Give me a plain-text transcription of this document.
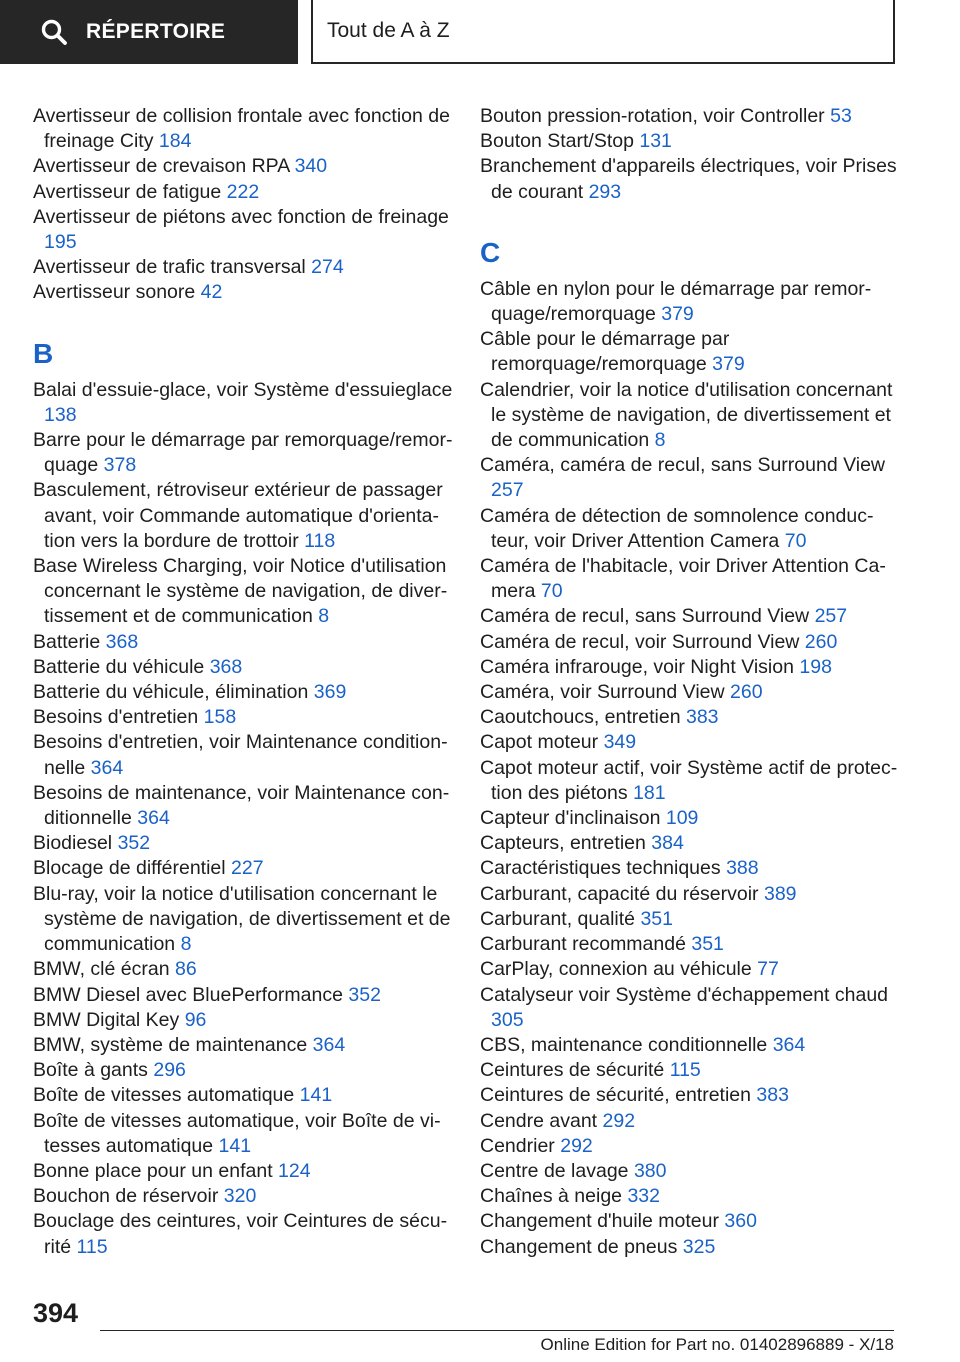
RÉPERTOIRE	Tout de A à Z
Avertisseur de collision frontale avec fonction de freinage City 184
Avertisseur de crevaison RPA 340
Avertisseur de fatigue 222
Avertisseur de piétons avec fonction de freinage 195
Avertisseur de trafic transversal 274
Avertisseur sonore 42
B
Balai d'essuie-glace, voir Système d'essuieglace 138
Barre pour le démarrage par remorquage/remorquage 378
Basculement, rétroviseur extérieur de passager avant, voir Commande automatique d'orientation vers la bordure de trottoir 118
Base Wireless Charging, voir Notice d'utilisation concernant le système de navigation, de divertissement et de communication 8
Batterie 368
Batterie du véhicule 368
Batterie du véhicule, élimination 369
Besoins d'entretien 158
Besoins d'entretien, voir Maintenance conditionnelle 364
Besoins de maintenance, voir Maintenance conditionnelle 364
Biodiesel 352
Blocage de différentiel 227
Blu-ray, voir la notice d'utilisation concernant le système de navigation, de divertissement et de communication 8
BMW, clé écran 86
BMW Diesel avec BluePerformance 352
BMW Digital Key 96
BMW, système de maintenance 364
Boîte à gants 296
Boîte de vitesses automatique 141
Boîte de vitesses automatique, voir Boîte de vitesses automatique 141
Bonne place pour un enfant 124
Bouchon de réservoir 320
Bouclage des ceintures, voir Ceintures de sécurité 115
Bouton pression-rotation, voir Controller 53
Bouton Start/Stop 131
Branchement d'appareils électriques, voir Prises de courant 293
C
Câble en nylon pour le démarrage par remorquage/remorquage 379
Câble pour le démarrage par remorquage/remorquage 379
Calendrier, voir la notice d'utilisation concernant le système de navigation, de divertissement et de communication 8
Caméra, caméra de recul, sans Surround View 257
Caméra de détection de somnolence conducteur, voir Driver Attention Camera 70
Caméra de l'habitacle, voir Driver Attention Camera 70
Caméra de recul, sans Surround View 257
Caméra de recul, voir Surround View 260
Caméra infrarouge, voir Night Vision 198
Caméra, voir Surround View 260
Caoutchoucs, entretien 383
Capot moteur 349
Capot moteur actif, voir Système actif de protection des piétons 181
Capteur d'inclinaison 109
Capteurs, entretien 384
Caractéristiques techniques 388
Carburant, capacité du réservoir 389
Carburant, qualité 351
Carburant recommandé 351
CarPlay, connexion au véhicule 77
Catalyseur voir Système d'échappement chaud 305
CBS, maintenance conditionnelle 364
Ceintures de sécurité 115
Ceintures de sécurité, entretien 383
Cendre avant 292
Cendrier 292
Centre de lavage 380
Chaînes à neige 332
Changement d'huile moteur 360
Changement de pneus 325
394
Online Edition for Part no. 01402896889 - X/18
